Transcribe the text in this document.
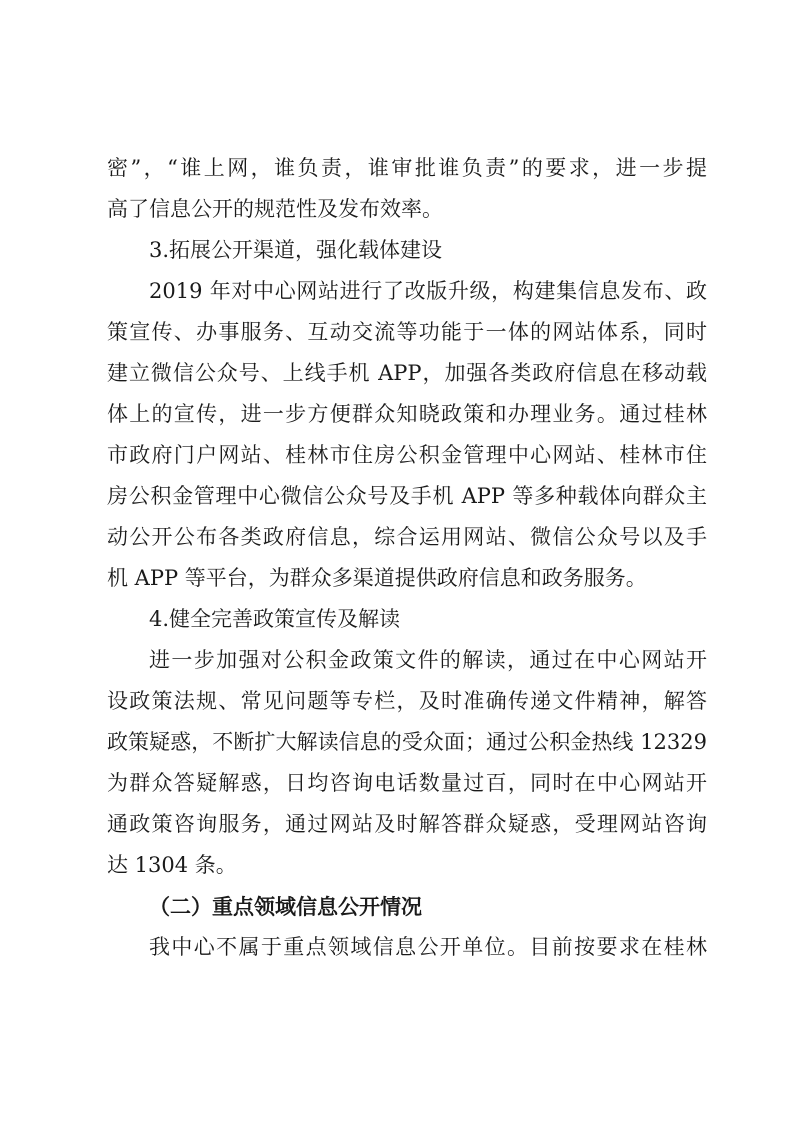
密”，“谁上网，谁负责，谁审批谁负责”的要求，进一步提

高了信息公开的规范性及发布效率。

3.拓展公开渠道，强化载体建设

2019 年对中心网站进行了改版升级，构建集信息发布、政

策宣传、办事服务、互动交流等功能于一体的网站体系，同时

建立微信公众号、上线手机 APP，加强各类政府信息在移动载

体上的宣传，进一步方便群众知晓政策和办理业务。通过桂林

市政府门户网站、桂林市住房公积金管理中心网站、桂林市住

房公积金管理中心微信公众号及手机 APP 等多种载体向群众主

动公开公布各类政府信息，综合运用网站、微信公众号以及手

机 APP 等平台，为群众多渠道提供政府信息和政务服务。

4.健全完善政策宣传及解读

进一步加强对公积金政策文件的解读，通过在中心网站开

设政策法规、常见问题等专栏，及时准确传递文件精神，解答

政策疑惑，不断扩大解读信息的受众面；通过公积金热线 12329

为群众答疑解惑，日均咨询电话数量过百，同时在中心网站开

通政策咨询服务，通过网站及时解答群众疑惑，受理网站咨询

达 1304 条。

（二）重点领域信息公开情况

我中心不属于重点领域信息公开单位。目前按要求在桂林
